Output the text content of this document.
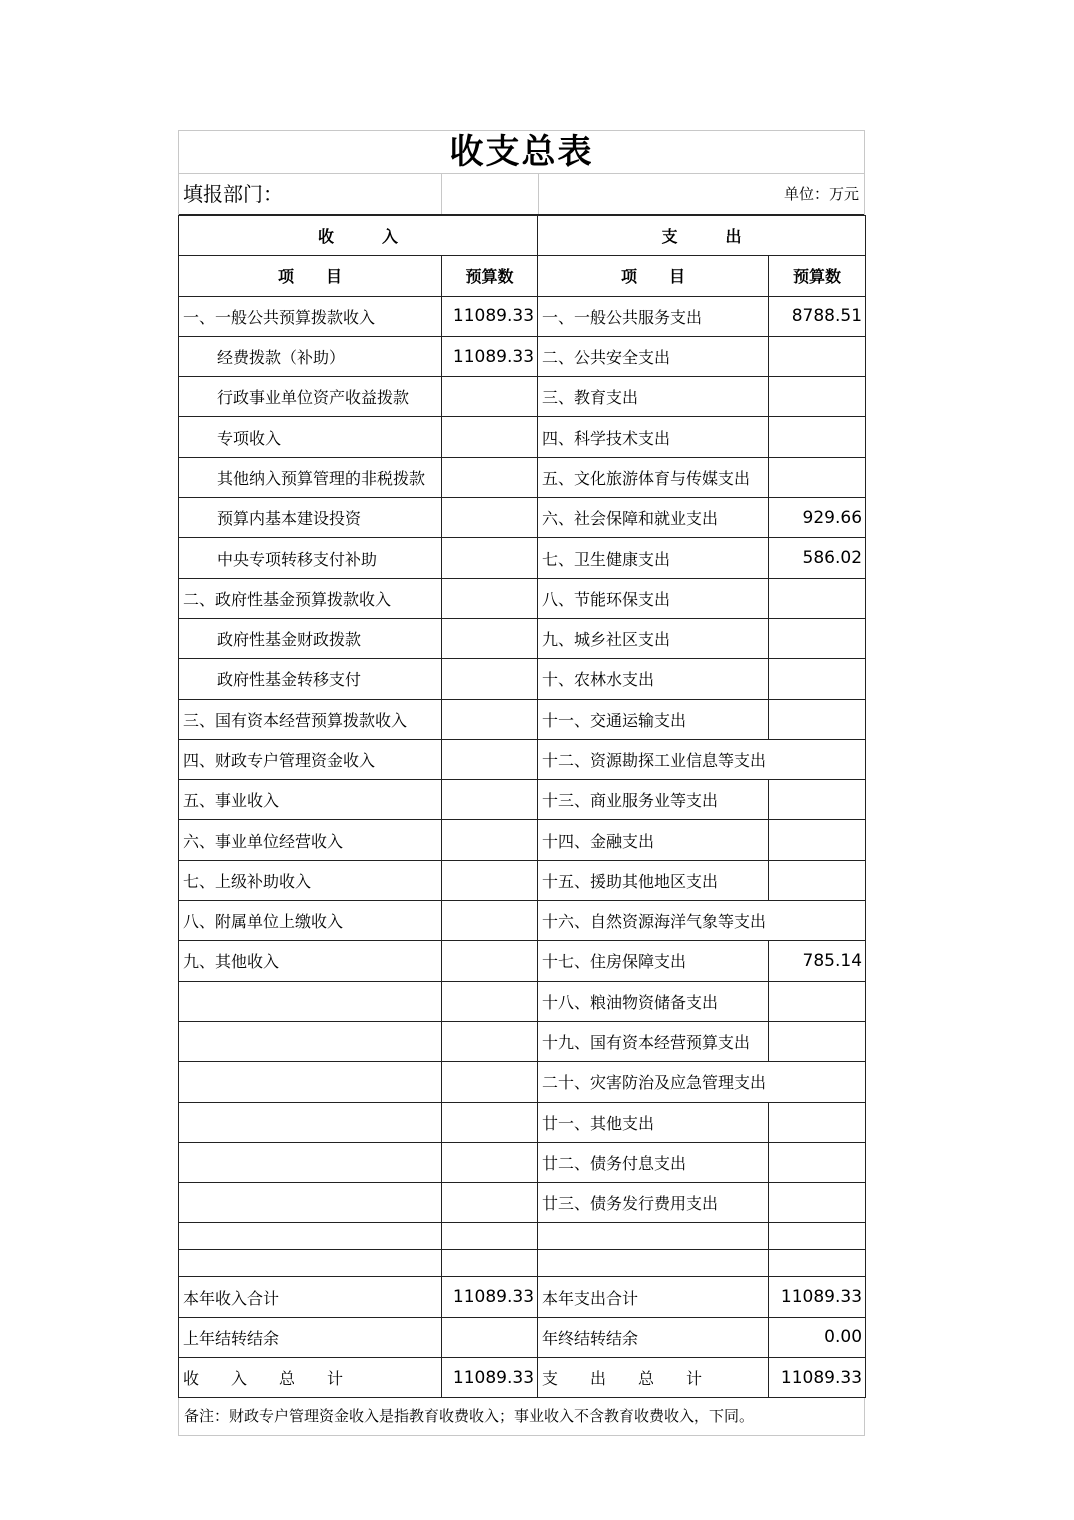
收支总表
填报部门：	单位：万元
收　　　入		支　　　出	
项　　目	预算数	项　　目	预算数
一、一般公共预算拨款收入	11089.33	一、一般公共服务支出	8788.51
经费拨款（补助）	11089.33	二、公共安全支出	
行政事业单位资产收益拨款		三、教育支出	
专项收入		四、科学技术支出	
其他纳入预算管理的非税拨款		五、文化旅游体育与传媒支出	
预算内基本建设投资		六、社会保障和就业支出	929.66
中央专项转移支付补助		七、卫生健康支出	586.02
二、政府性基金预算拨款收入		八、节能环保支出	
政府性基金财政拨款		九、城乡社区支出	
政府性基金转移支付		十、农林水支出	
三、国有资本经营预算拨款收入		十一、交通运输支出	
四、财政专户管理资金收入		十二、资源勘探工业信息等支出	
五、事业收入		十三、商业服务业等支出	
六、事业单位经营收入		十四、金融支出	
七、上级补助收入		十五、援助其他地区支出	
八、附属单位上缴收入		十六、自然资源海洋气象等支出	
九、其他收入		十七、住房保障支出	785.14
		十八、粮油物资储备支出	
		十九、国有资本经营预算支出	
		二十、灾害防治及应急管理支出	
		廿一、其他支出	
		廿二、债务付息支出	
		廿三、债务发行费用支出	

本年收入合计	11089.33	本年支出合计	11089.33
上年结转结余		年终结转结余	0.00
收　　入　　总　　计	11089.33	支　　出　　总　　计	11089.33
备注：财政专户管理资金收入是指教育收费收入；事业收入不含教育收费收入，下同。
